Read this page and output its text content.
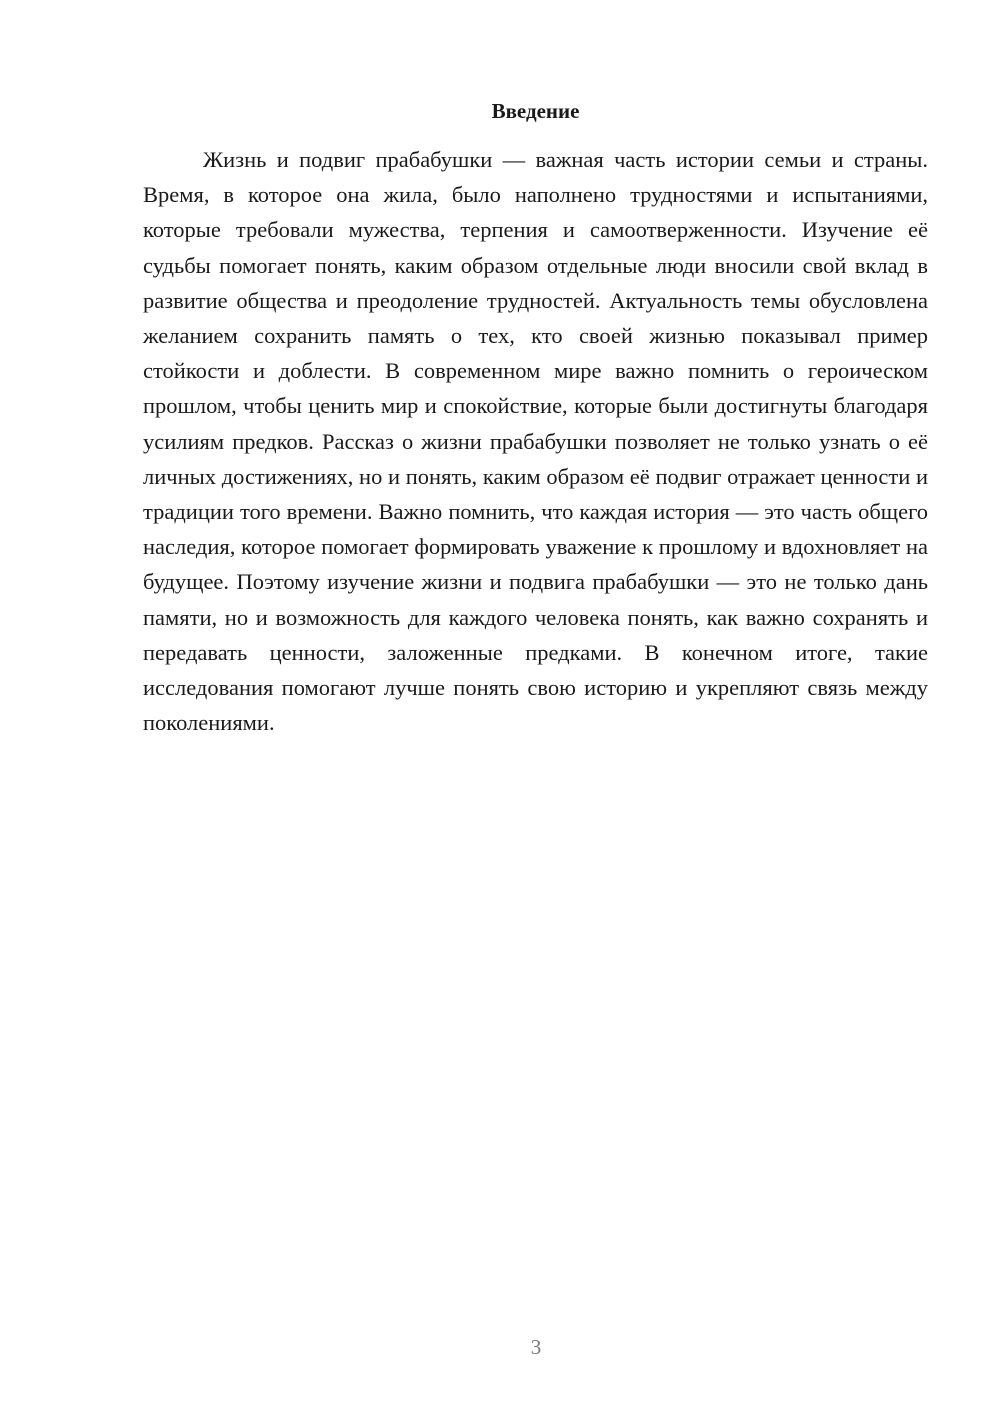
Введение

Жизнь и подвиг прабабушки — важная часть истории семьи и страны. Время, в которое она жила, было наполнено трудностями и испытаниями, которые требовали мужества, терпения и самоотверженности. Изучение её судьбы помогает понять, каким образом отдельные люди вносили свой вклад в развитие общества и преодоление трудностей. Актуальность темы обусловлена желанием сохранить память о тех, кто своей жизнью показывал пример стойкости и доблести. В современном мире важно помнить о героическом прошлом, чтобы ценить мир и спокойствие, которые были достигнуты благодаря усилиям предков. Рассказ о жизни прабабушки позволяет не только узнать о её личных достижениях, но и понять, каким образом её подвиг отражает ценности и традиции того времени. Важно помнить, что каждая история — это часть общего наследия, которое помогает формировать уважение к прошлому и вдохновляет на будущее. Поэтому изучение жизни и подвига прабабушки — это не только дань памяти, но и возможность для каждого человека понять, как важно сохранять и передавать ценности, заложенные предками. В конечном итоге, такие исследования помогают лучше понять свою историю и укрепляют связь между поколениями.

3
